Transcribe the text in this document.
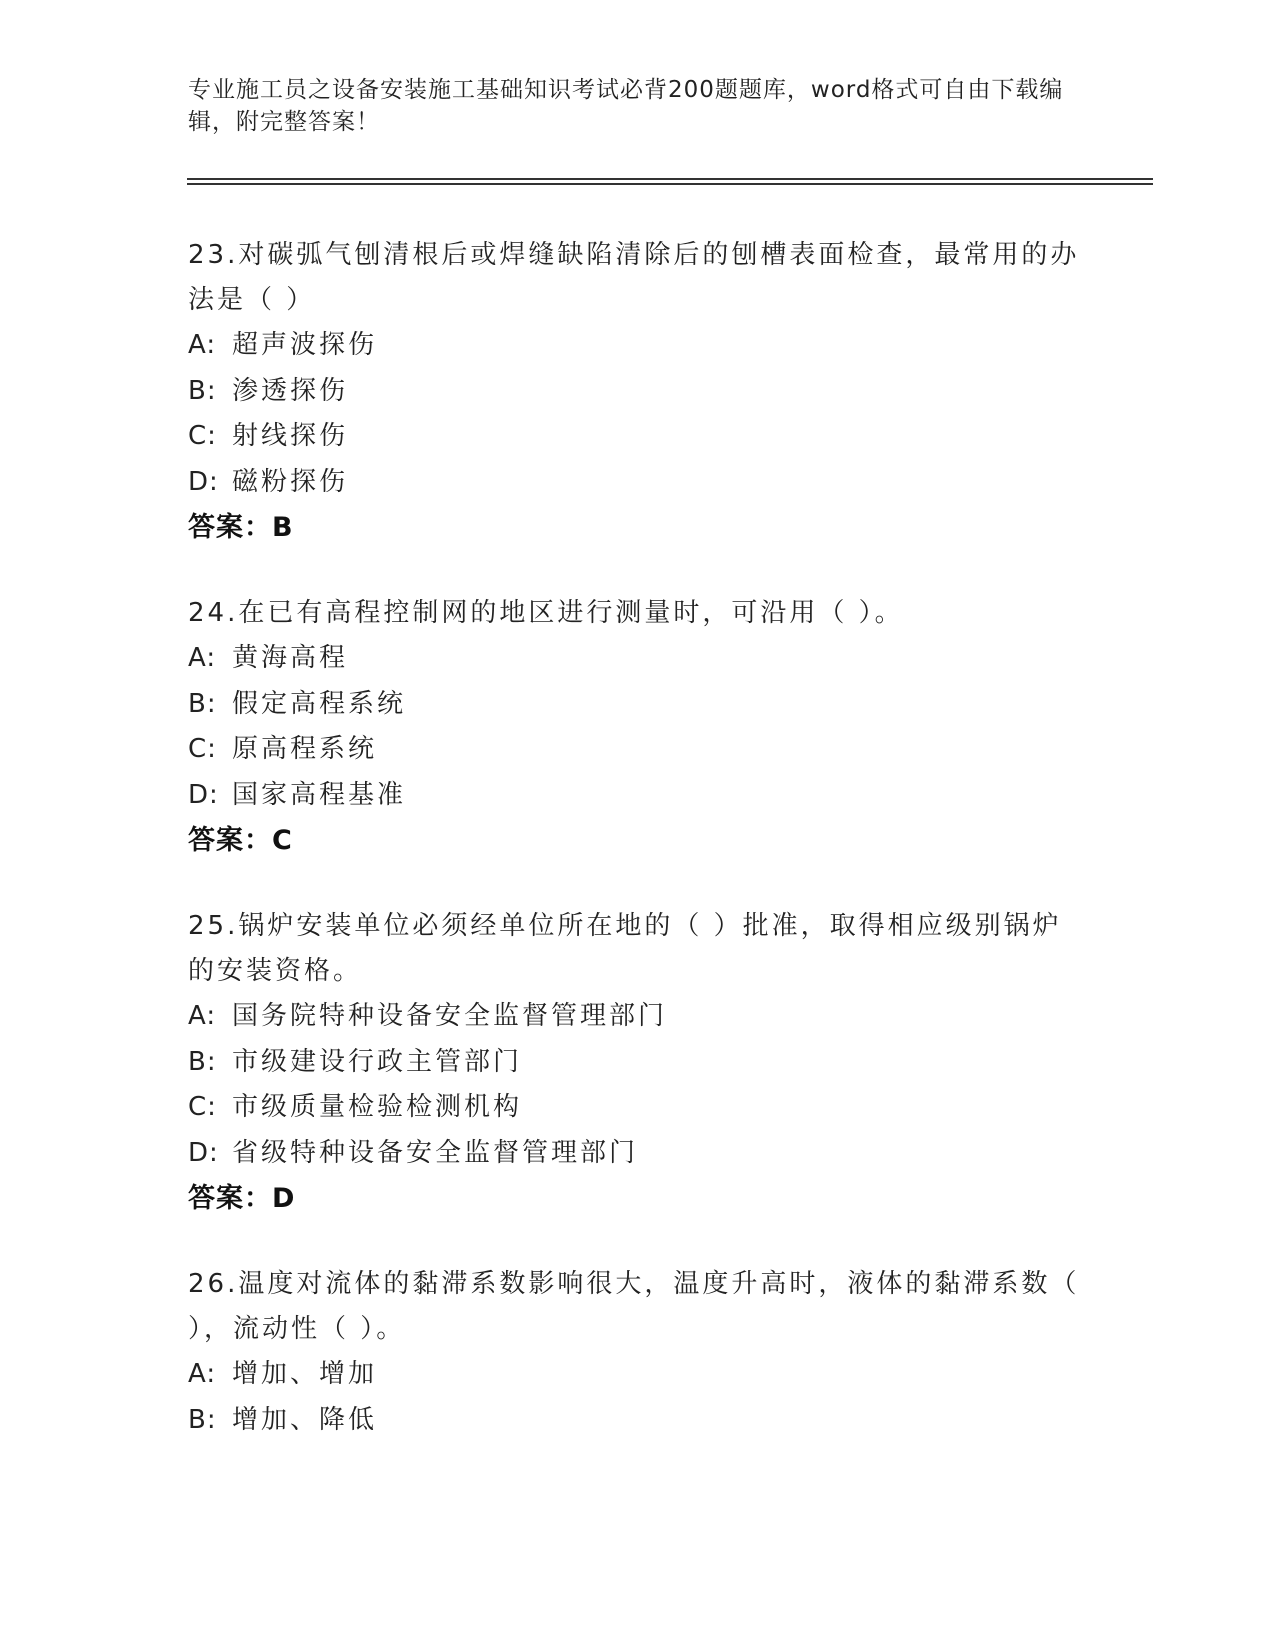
专业施工员之设备安装施工基础知识考试必背200题题库，word格式可自由下载编辑，附完整答案！
23.对碳弧气刨清根后或焊缝缺陷清除后的刨槽表面检查，最常用的办法是（ ）
A: 超声波探伤
B: 渗透探伤
C: 射线探伤
D: 磁粉探伤
答案：B
24.在已有高程控制网的地区进行测量时，可沿用（ ）。
A: 黄海高程
B: 假定高程系统
C: 原高程系统
D: 国家高程基准
答案：C
25.锅炉安装单位必须经单位所在地的（ ）批准，取得相应级别锅炉的安装资格。
A: 国务院特种设备安全监督管理部门
B: 市级建设行政主管部门
C: 市级质量检验检测机构
D: 省级特种设备安全监督管理部门
答案：D
26.温度对流体的黏滞系数影响很大，温度升高时，液体的黏滞系数（ ），流动性（ ）。
A: 增加、增加
B: 增加、降低
